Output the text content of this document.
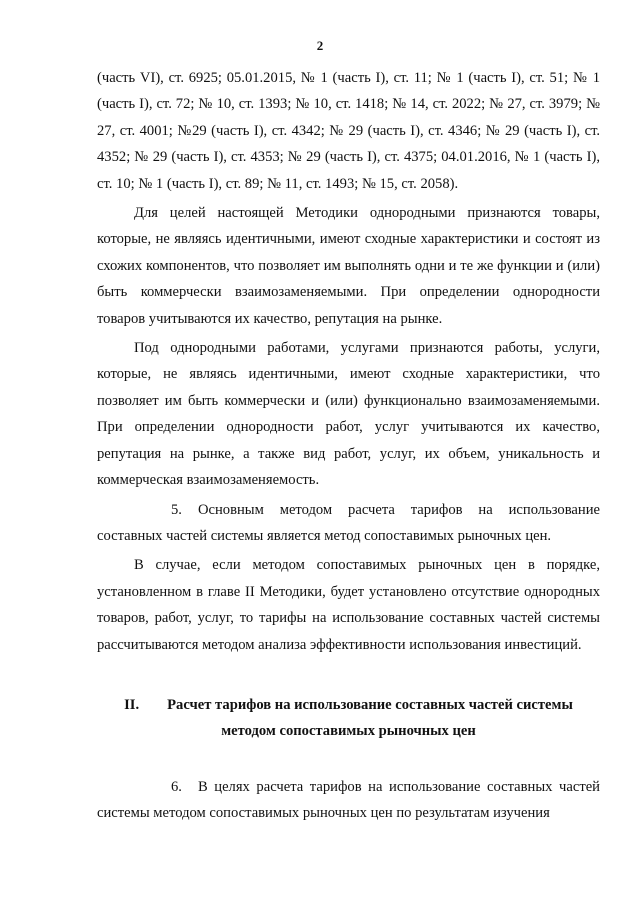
2

(часть VI), ст. 6925; 05.01.2015, № 1 (часть I), ст. 11; № 1 (часть I), ст. 51; № 1 (часть I), ст. 72; № 10, ст. 1393; № 10, ст. 1418; № 14, ст. 2022; № 27, ст. 3979; № 27, ст. 4001; №29 (часть I), ст. 4342; № 29 (часть I), ст. 4346; № 29 (часть I), ст. 4352; № 29 (часть I), ст. 4353; № 29 (часть I), ст. 4375; 04.01.2016, № 1 (часть I), ст. 10; № 1 (часть I), ст. 89; № 11, ст. 1493; № 15, ст. 2058).

Для целей настоящей Методики однородными признаются товары, которые, не являясь идентичными, имеют сходные характеристики и состоят из схожих компонентов, что позволяет им выполнять одни и те же функции и (или) быть коммерчески взаимозаменяемыми. При определении однородности товаров учитываются их качество, репутация на рынке.

Под однородными работами, услугами признаются работы, услуги, которые, не являясь идентичными, имеют сходные характеристики, что позволяет им быть коммерчески и (или) функционально взаимозаменяемыми. При определении однородности работ, услуг учитываются их качество, репутация на рынке, а также вид работ, услуг, их объем, уникальность и коммерческая взаимозаменяемость.

5. Основным методом расчета тарифов на использование составных частей системы является метод сопоставимых рыночных цен.

В случае, если методом сопоставимых рыночных цен в порядке, установленном в главе II Методики, будет установлено отсутствие однородных товаров, работ, услуг, то тарифы на использование составных частей системы рассчитываются методом анализа эффективности использования инвестиций.

II. Расчет тарифов на использование составных частей системы
методом сопоставимых рыночных цен

6. В целях расчета тарифов на использование составных частей системы методом сопоставимых рыночных цен по результатам изучения
